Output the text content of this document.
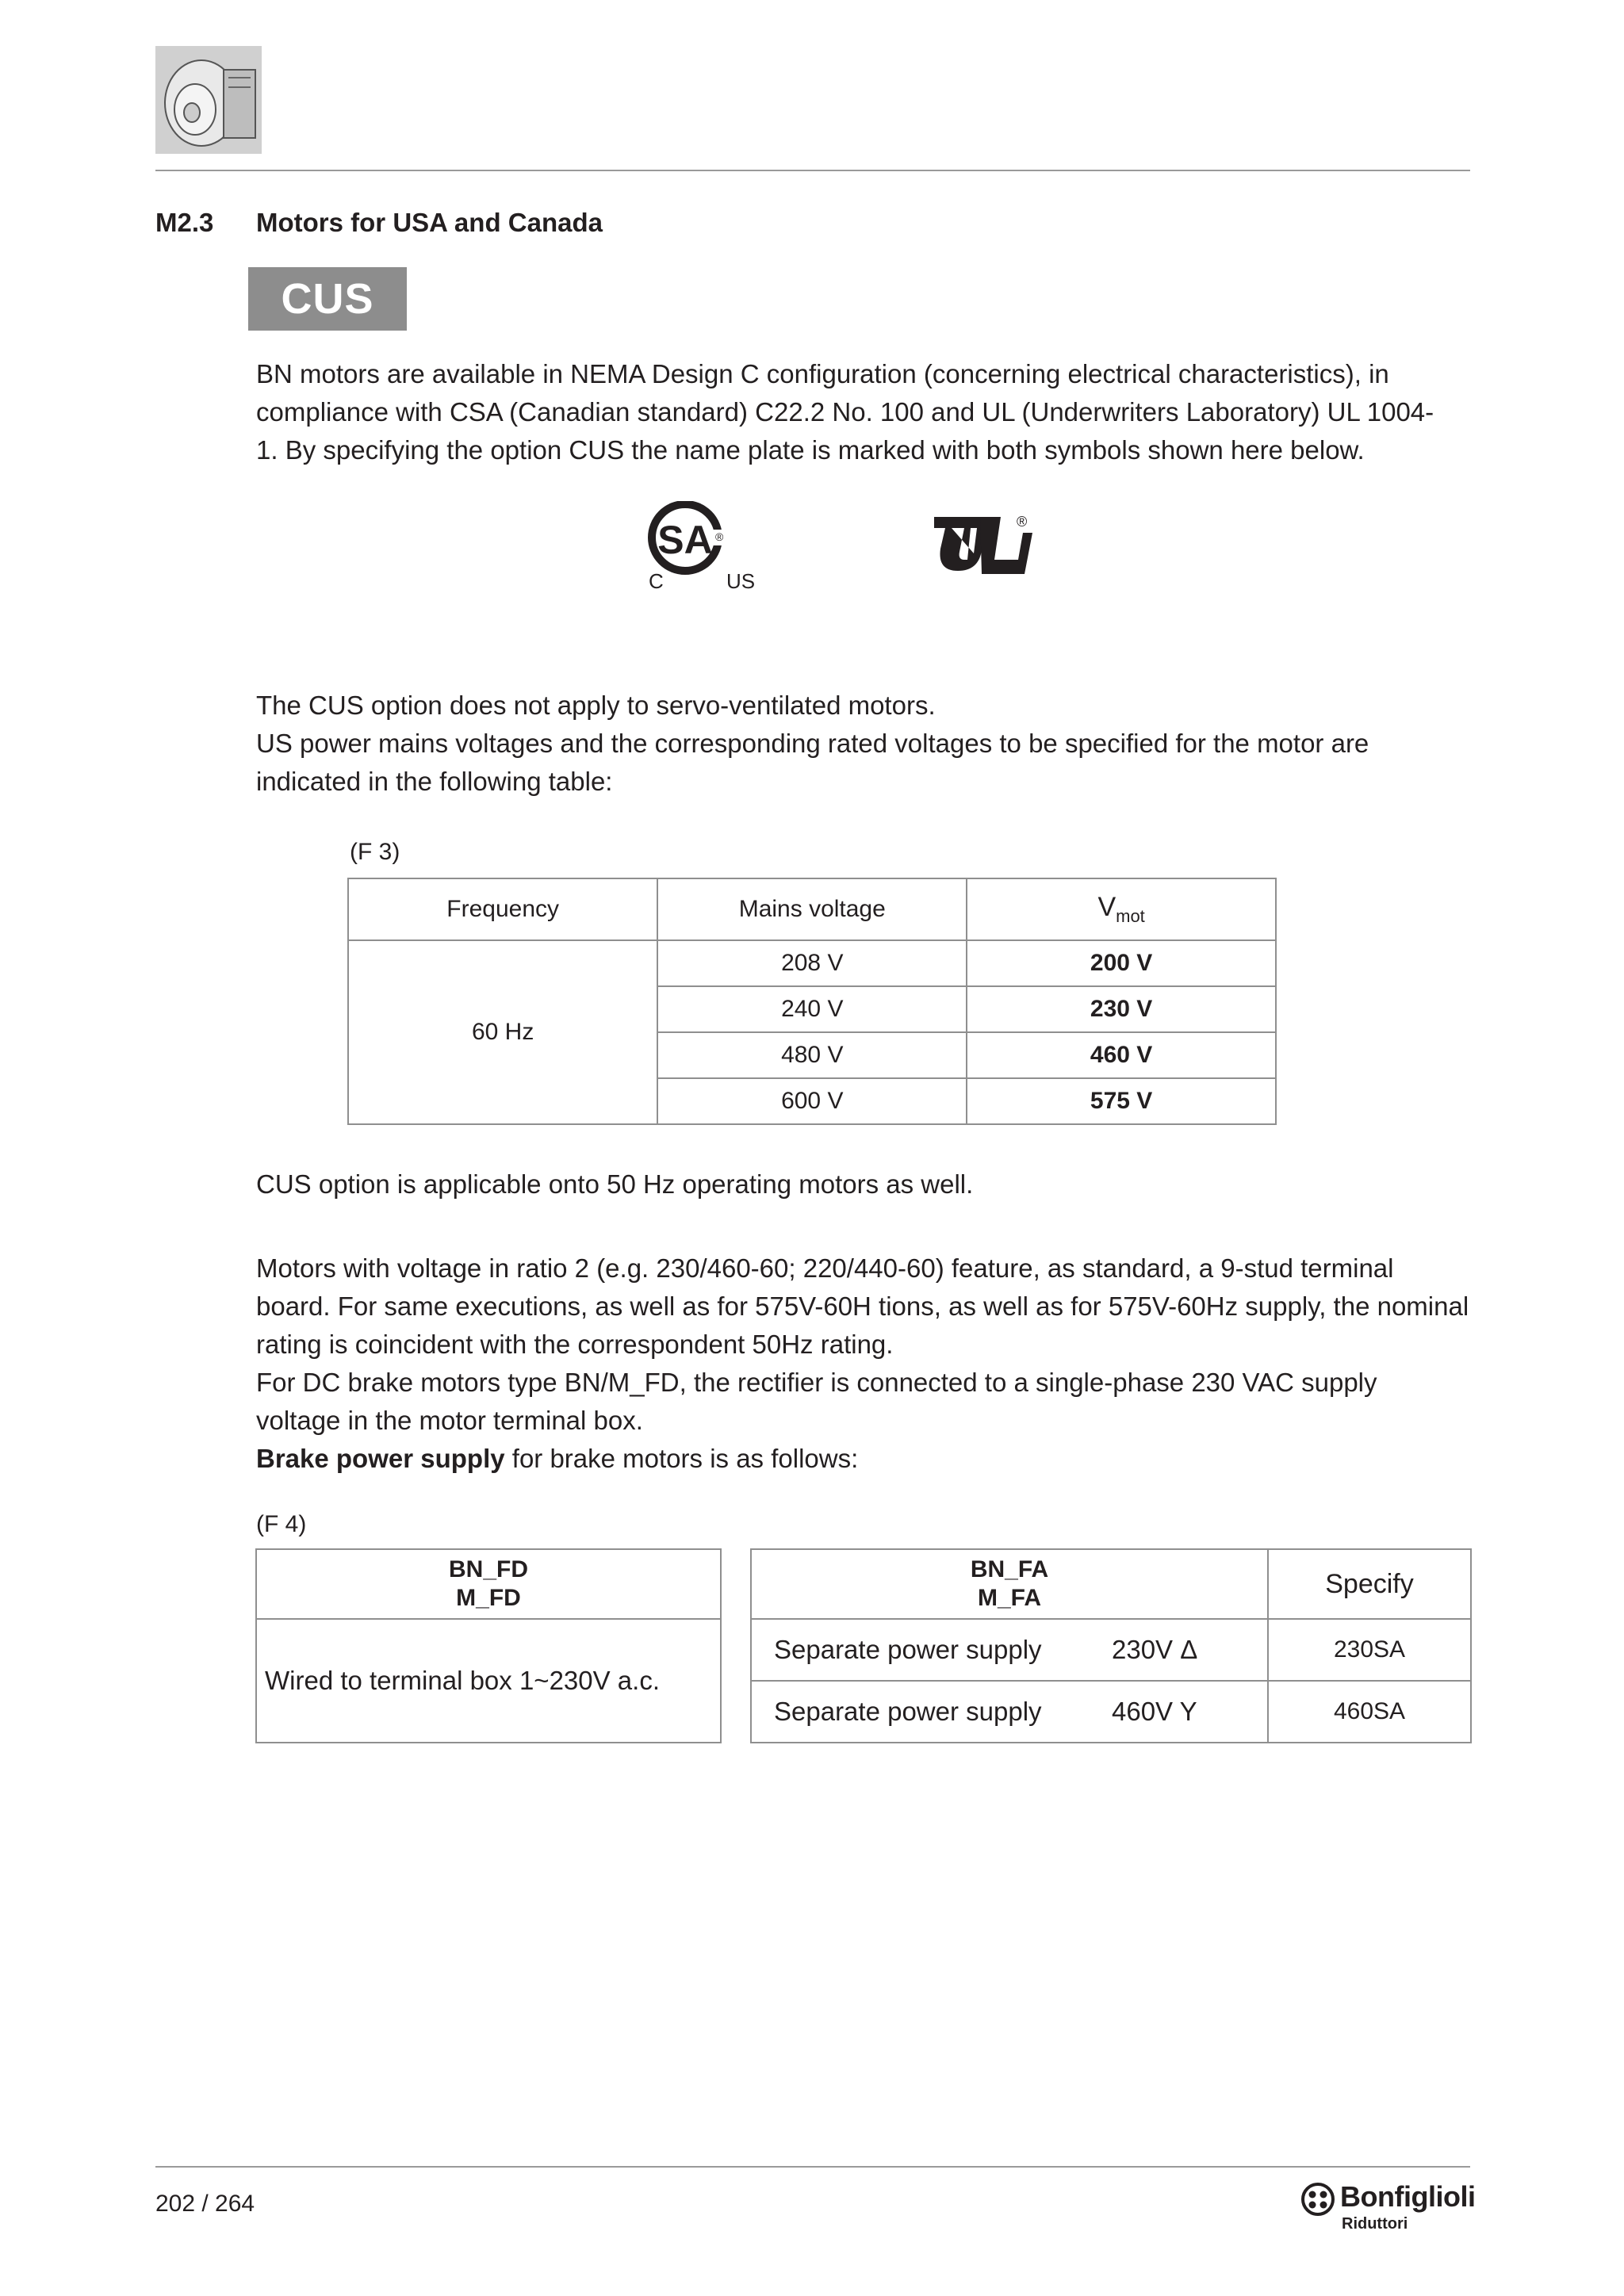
M2.3 Motors for USA and Canada
CUS
BN motors are available in NEMA Design C configuration (concerning electrical characteristics), in compliance with CSA (Canadian standard) C22.2 No. 100 and UL (Underwriters Laboratory) UL 1004-1. By specifying the option CUS the name plate is marked with both symbols shown here below.
SA ®
C	US
®
The CUS option does not apply to servo-ventilated motors.
US power mains voltages and the corresponding rated voltages to be specified for the motor are indicated in the following table:
(F 3)
Frequency	Mains voltage	$V_{mot}$
60 Hz	208 V	200 V
	240 V	230 V
	480 V	460 V
	600 V	575 V
CUS option is applicable onto 50 Hz operating motors as well.
Motors with voltage in ratio 2 (e.g. 230/460-60; 220/440-60) feature, as standard, a 9-stud terminal board. For same executions, as well as for 575V-60H tions, as well as for 575V-60Hz supply, the nominal rating is coincident with the correspondent 50Hz rating.
For DC brake motors type BN/M_FD, the rectifier is connected to a single-phase 230 VAC supply voltage in the motor terminal box.
Brake power supply for brake motors is as follows:
(F 4)
BN_FD
M_FD

Wired to terminal box 1~230V a.c.
BN_FA
M_FA		Specify
Separate power supply	230V Δ	230SA
Separate power supply	460V Y	460SA
202 / 264	Bonfiglioli
Riduttori
